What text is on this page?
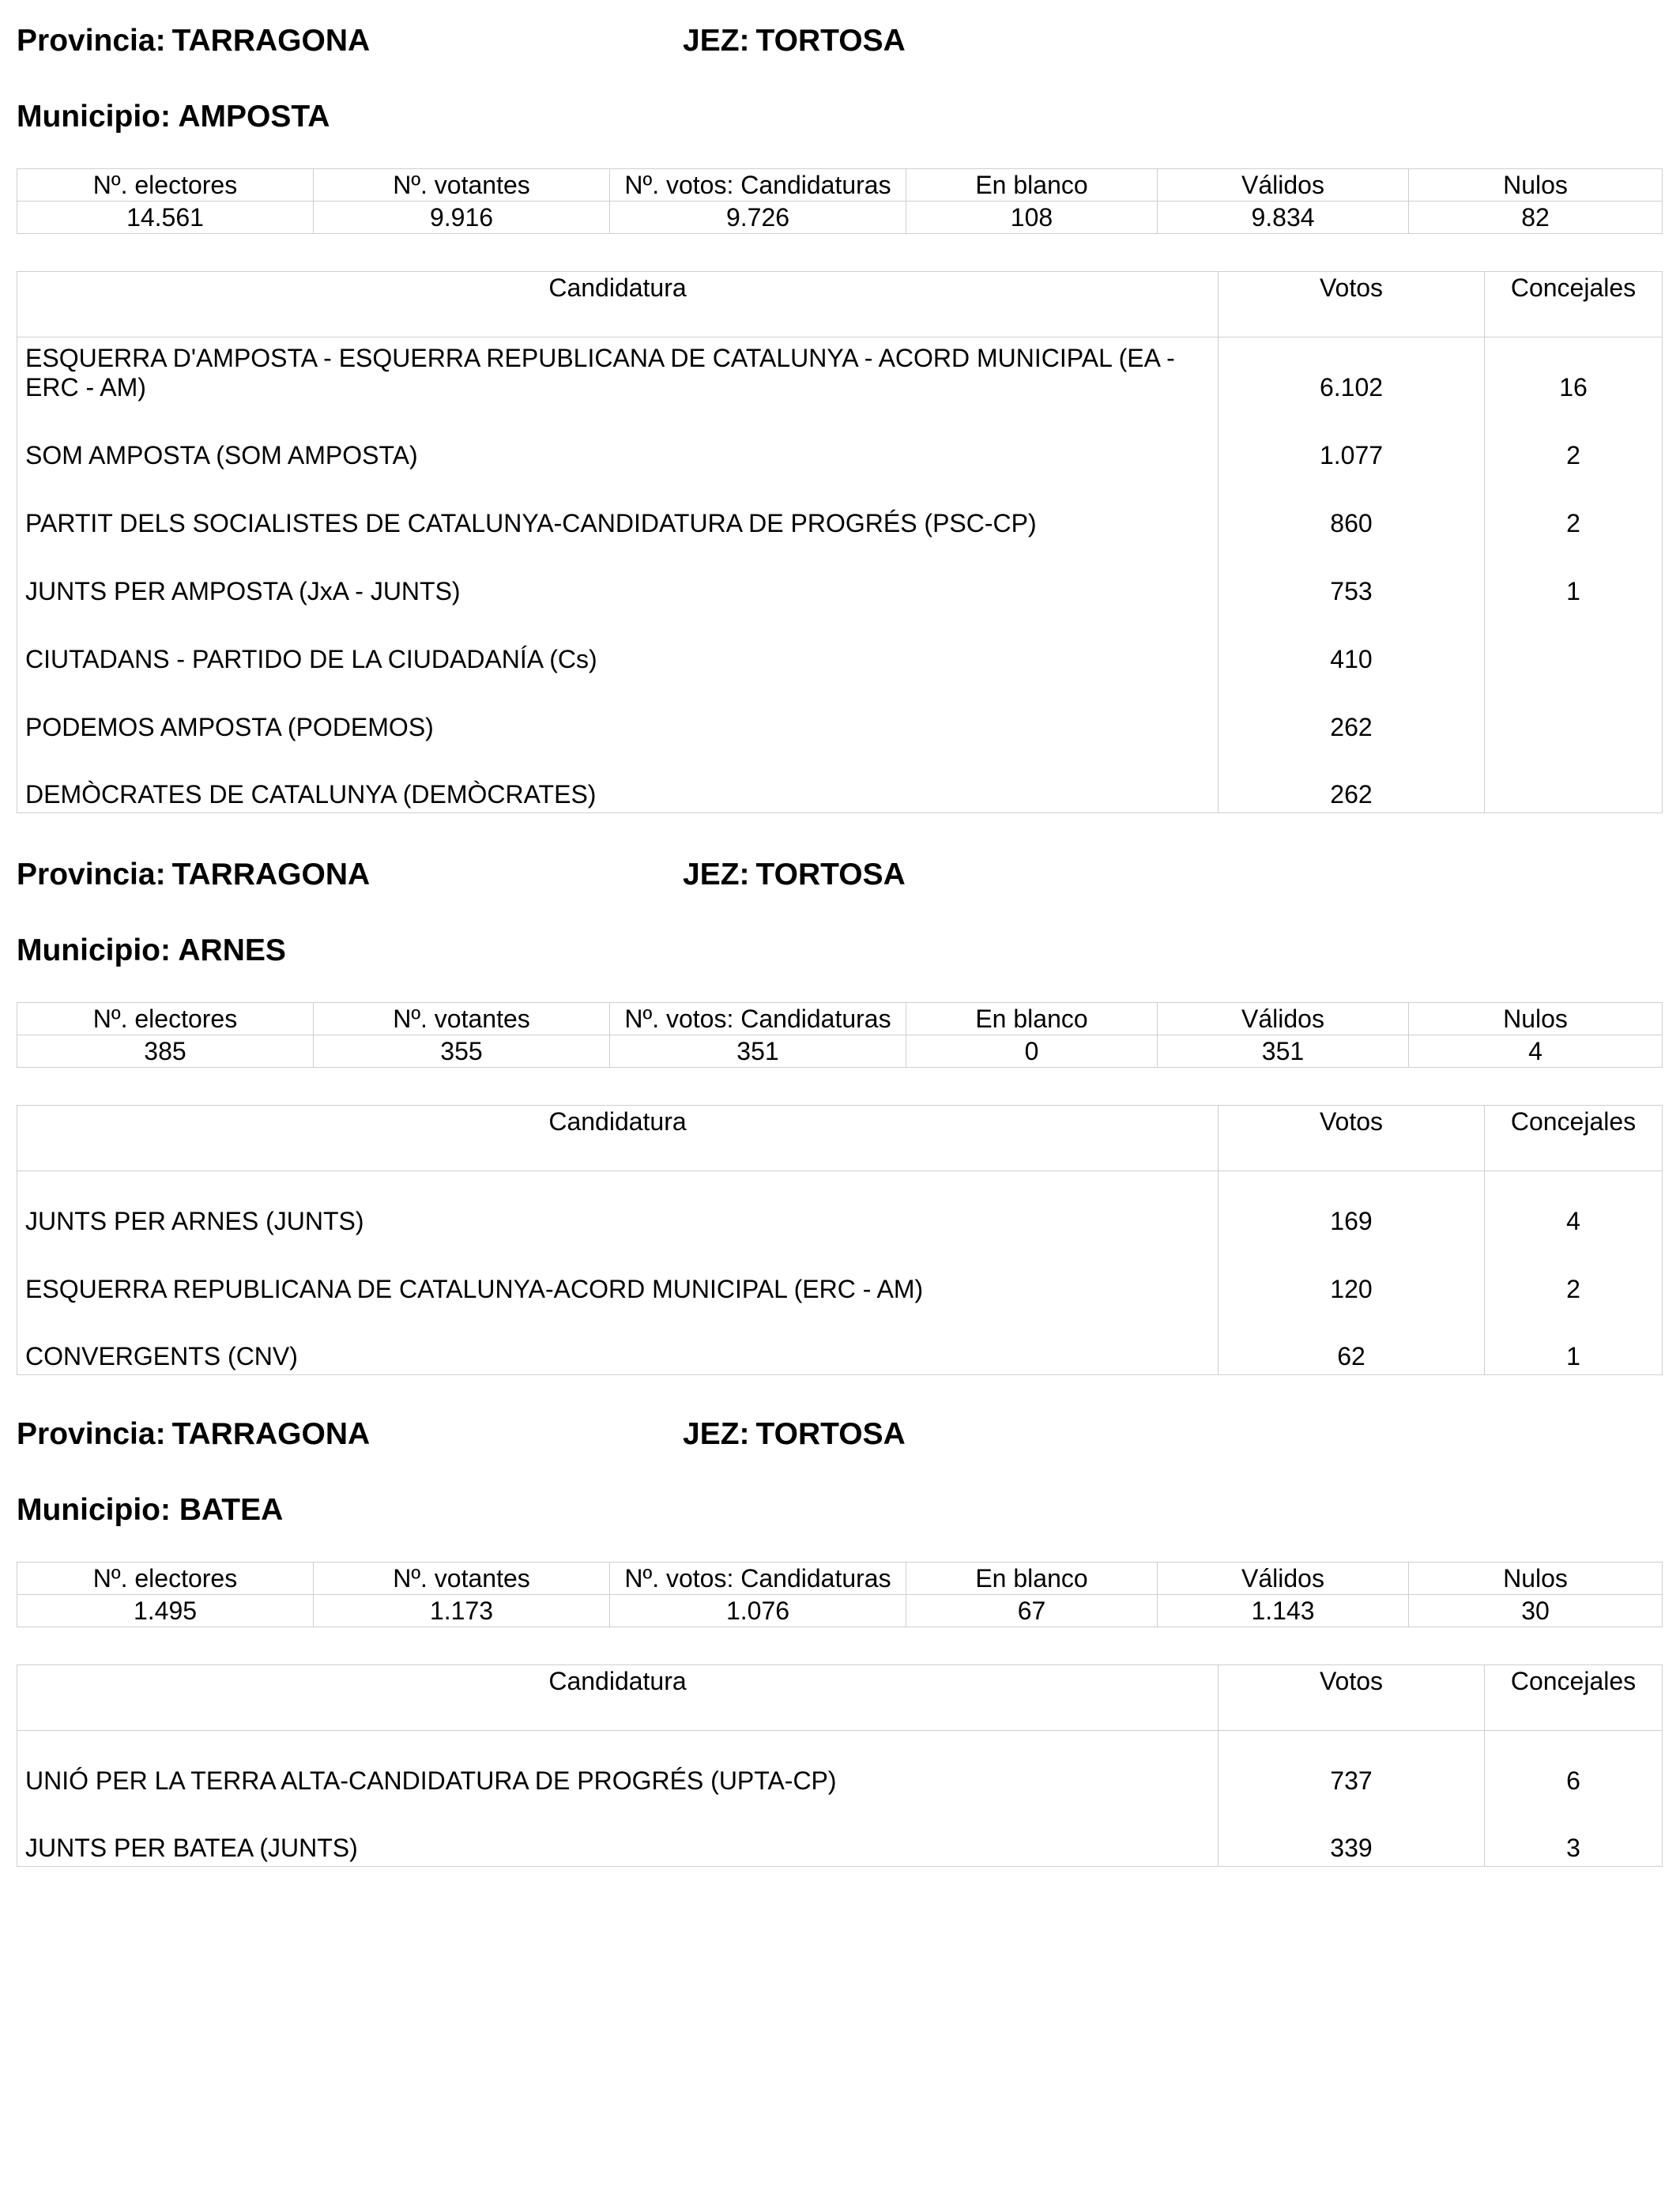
Provincia: TARRAGONA	JEZ: TORTOSA
Municipio: AMPOSTA
Nº. electores	Nº. votantes	Nº. votos: Candidaturas	En blanco	Válidos	Nulos
14.561	9.916	9.726	108	9.834	82
Candidatura	Votos	Concejales
ESQUERRA D'AMPOSTA - ESQUERRA REPUBLICANA DE CATALUNYA - ACORD MUNICIPAL (EA - ERC - AM)	6.102	16
SOM AMPOSTA (SOM AMPOSTA)	1.077	2
PARTIT DELS SOCIALISTES DE CATALUNYA-CANDIDATURA DE PROGRÉS (PSC-CP)	860	2
JUNTS PER AMPOSTA (JxA - JUNTS)	753	1
CIUTADANS - PARTIDO DE LA CIUDADANÍA (Cs)	410	
PODEMOS AMPOSTA (PODEMOS)	262	
DEMÒCRATES DE CATALUNYA (DEMÒCRATES)	262	
Provincia: TARRAGONA	JEZ: TORTOSA
Municipio: ARNES
Nº. electores	Nº. votantes	Nº. votos: Candidaturas	En blanco	Válidos	Nulos
385	355	351	0	351	4
Candidatura	Votos	Concejales
JUNTS PER ARNES (JUNTS)	169	4
ESQUERRA REPUBLICANA DE CATALUNYA-ACORD MUNICIPAL (ERC - AM)	120	2
CONVERGENTS (CNV)	62	1
Provincia: TARRAGONA	JEZ: TORTOSA
Municipio: BATEA
Nº. electores	Nº. votantes	Nº. votos: Candidaturas	En blanco	Válidos	Nulos
1.495	1.173	1.076	67	1.143	30
Candidatura	Votos	Concejales
UNIÓ PER LA TERRA ALTA-CANDIDATURA DE PROGRÉS (UPTA-CP)	737	6
JUNTS PER BATEA (JUNTS)	339	3
